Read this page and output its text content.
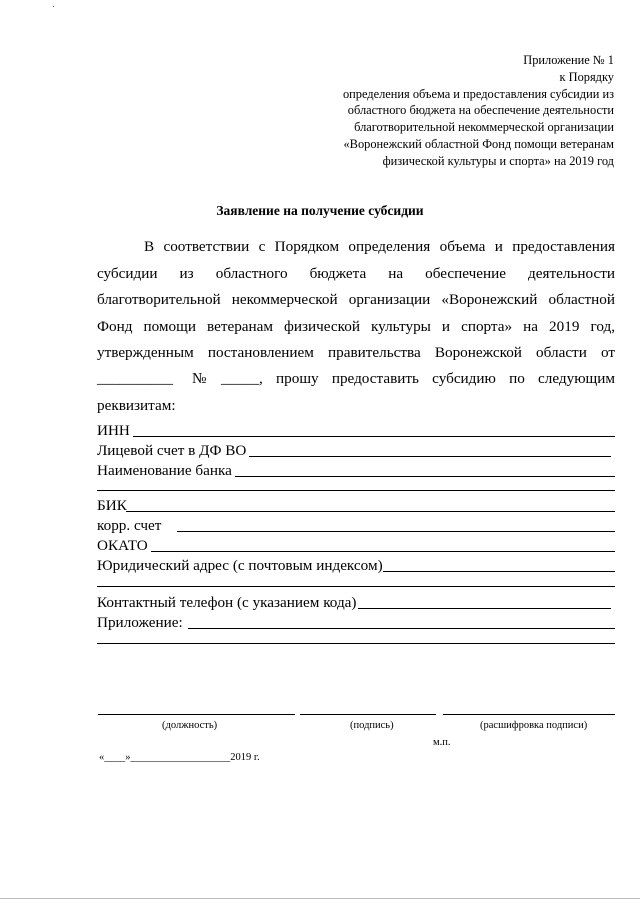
Приложение № 1
к Порядку
определения объема и предоставления субсидии из
областного бюджета на обеспечение деятельности
благотворительной некоммерческой организации
«Воронежский областной Фонд помощи ветеранам
физической культуры и спорта» на 2019 год
Заявление на получение субсидии
В соответствии с Порядком определения объема и предоставления
субсидии из областного бюджета на обеспечение деятельности
благотворительной некоммерческой организации «Воронежский областной
Фонд помощи ветеранам физической культуры и спорта» на 2019 год,
утвержденным постановлением правительства Воронежской области от
__________ № _____, прошу предоставить субсидию по следующим
реквизитам:
ИНН
Лицевой счет в ДФ ВО
Наименование банка
БИК
корр. счет
ОКАТО
Юридический адрес (с почтовым индексом)
Контактный телефон (с указанием кода)
Приложение:
(должность)	(подпись)	(расшифровка подписи)
м.п.
«____»___________________2019 г.
